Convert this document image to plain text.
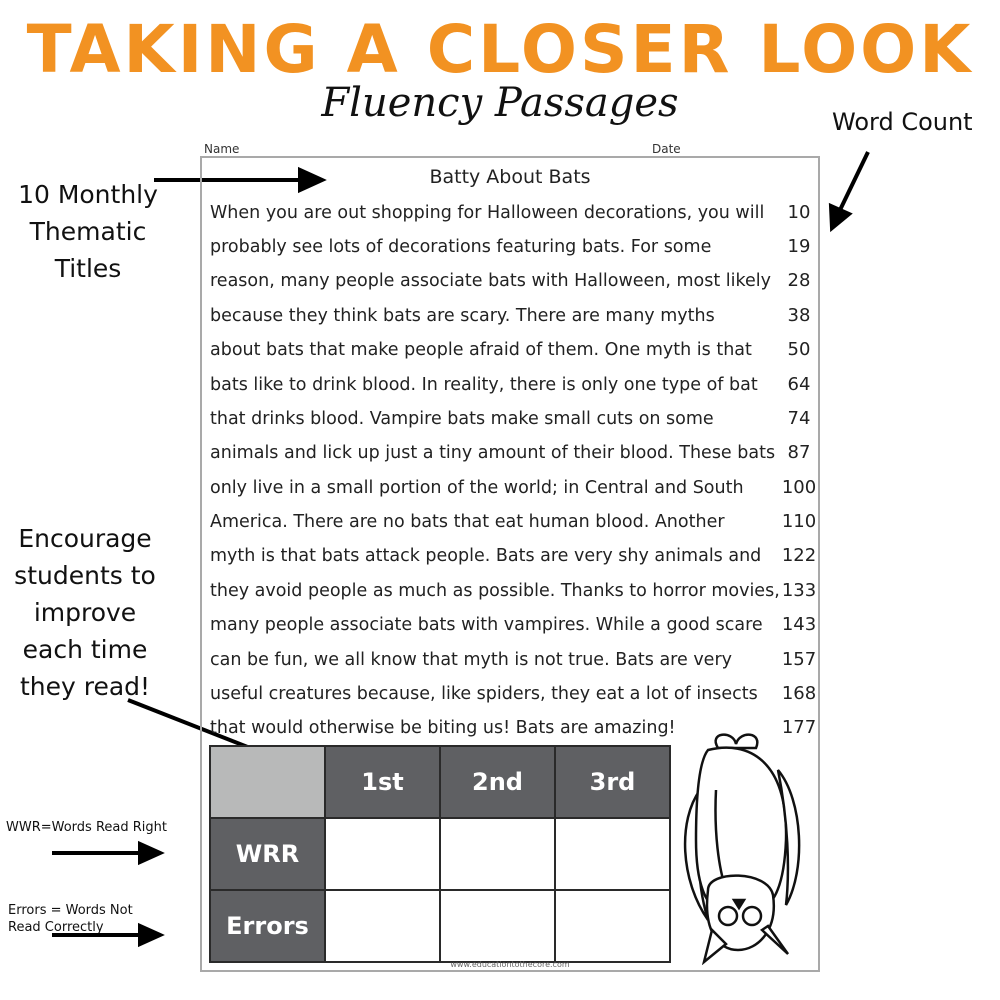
TAKING A CLOSER LOOK
Fluency Passages	Word Count
10 Monthly Thematic Titles
Encourage students to improve each time they read!
WWR=Words Read Right
Errors = Words Not Read Correctly
Name	Date
Batty About Bats
When you are out shopping for Halloween decorations, you will	10
probably see lots of decorations featuring bats. For some	19
reason, many people associate bats with Halloween, most likely 28
because they think bats are scary. There are many myths	38
about bats that make people afraid of them. One myth is that	50
bats like to drink blood. In reality, there is only one type of bat	64
that drinks blood. Vampire bats make small cuts on some	74
animals and lick up just a tiny amount of their blood. These bats 87
only live in a small portion of the world; in Central and South	100
America. There are no bats that eat human blood. Another	110
myth is that bats attack people. Bats are very shy animals and	122
they avoid people as much as possible. Thanks to horror movies, 133
many people associate bats with vampires. While a good scare	143
can be fun, we all know that myth is not true. Bats are very	157
useful creatures because, like spiders, they eat a lot of insects	168
that would otherwise be biting us! Bats are amazing!	177
	1st	2nd	3rd
WRR			
Errors			
www.educationtothecore.com
